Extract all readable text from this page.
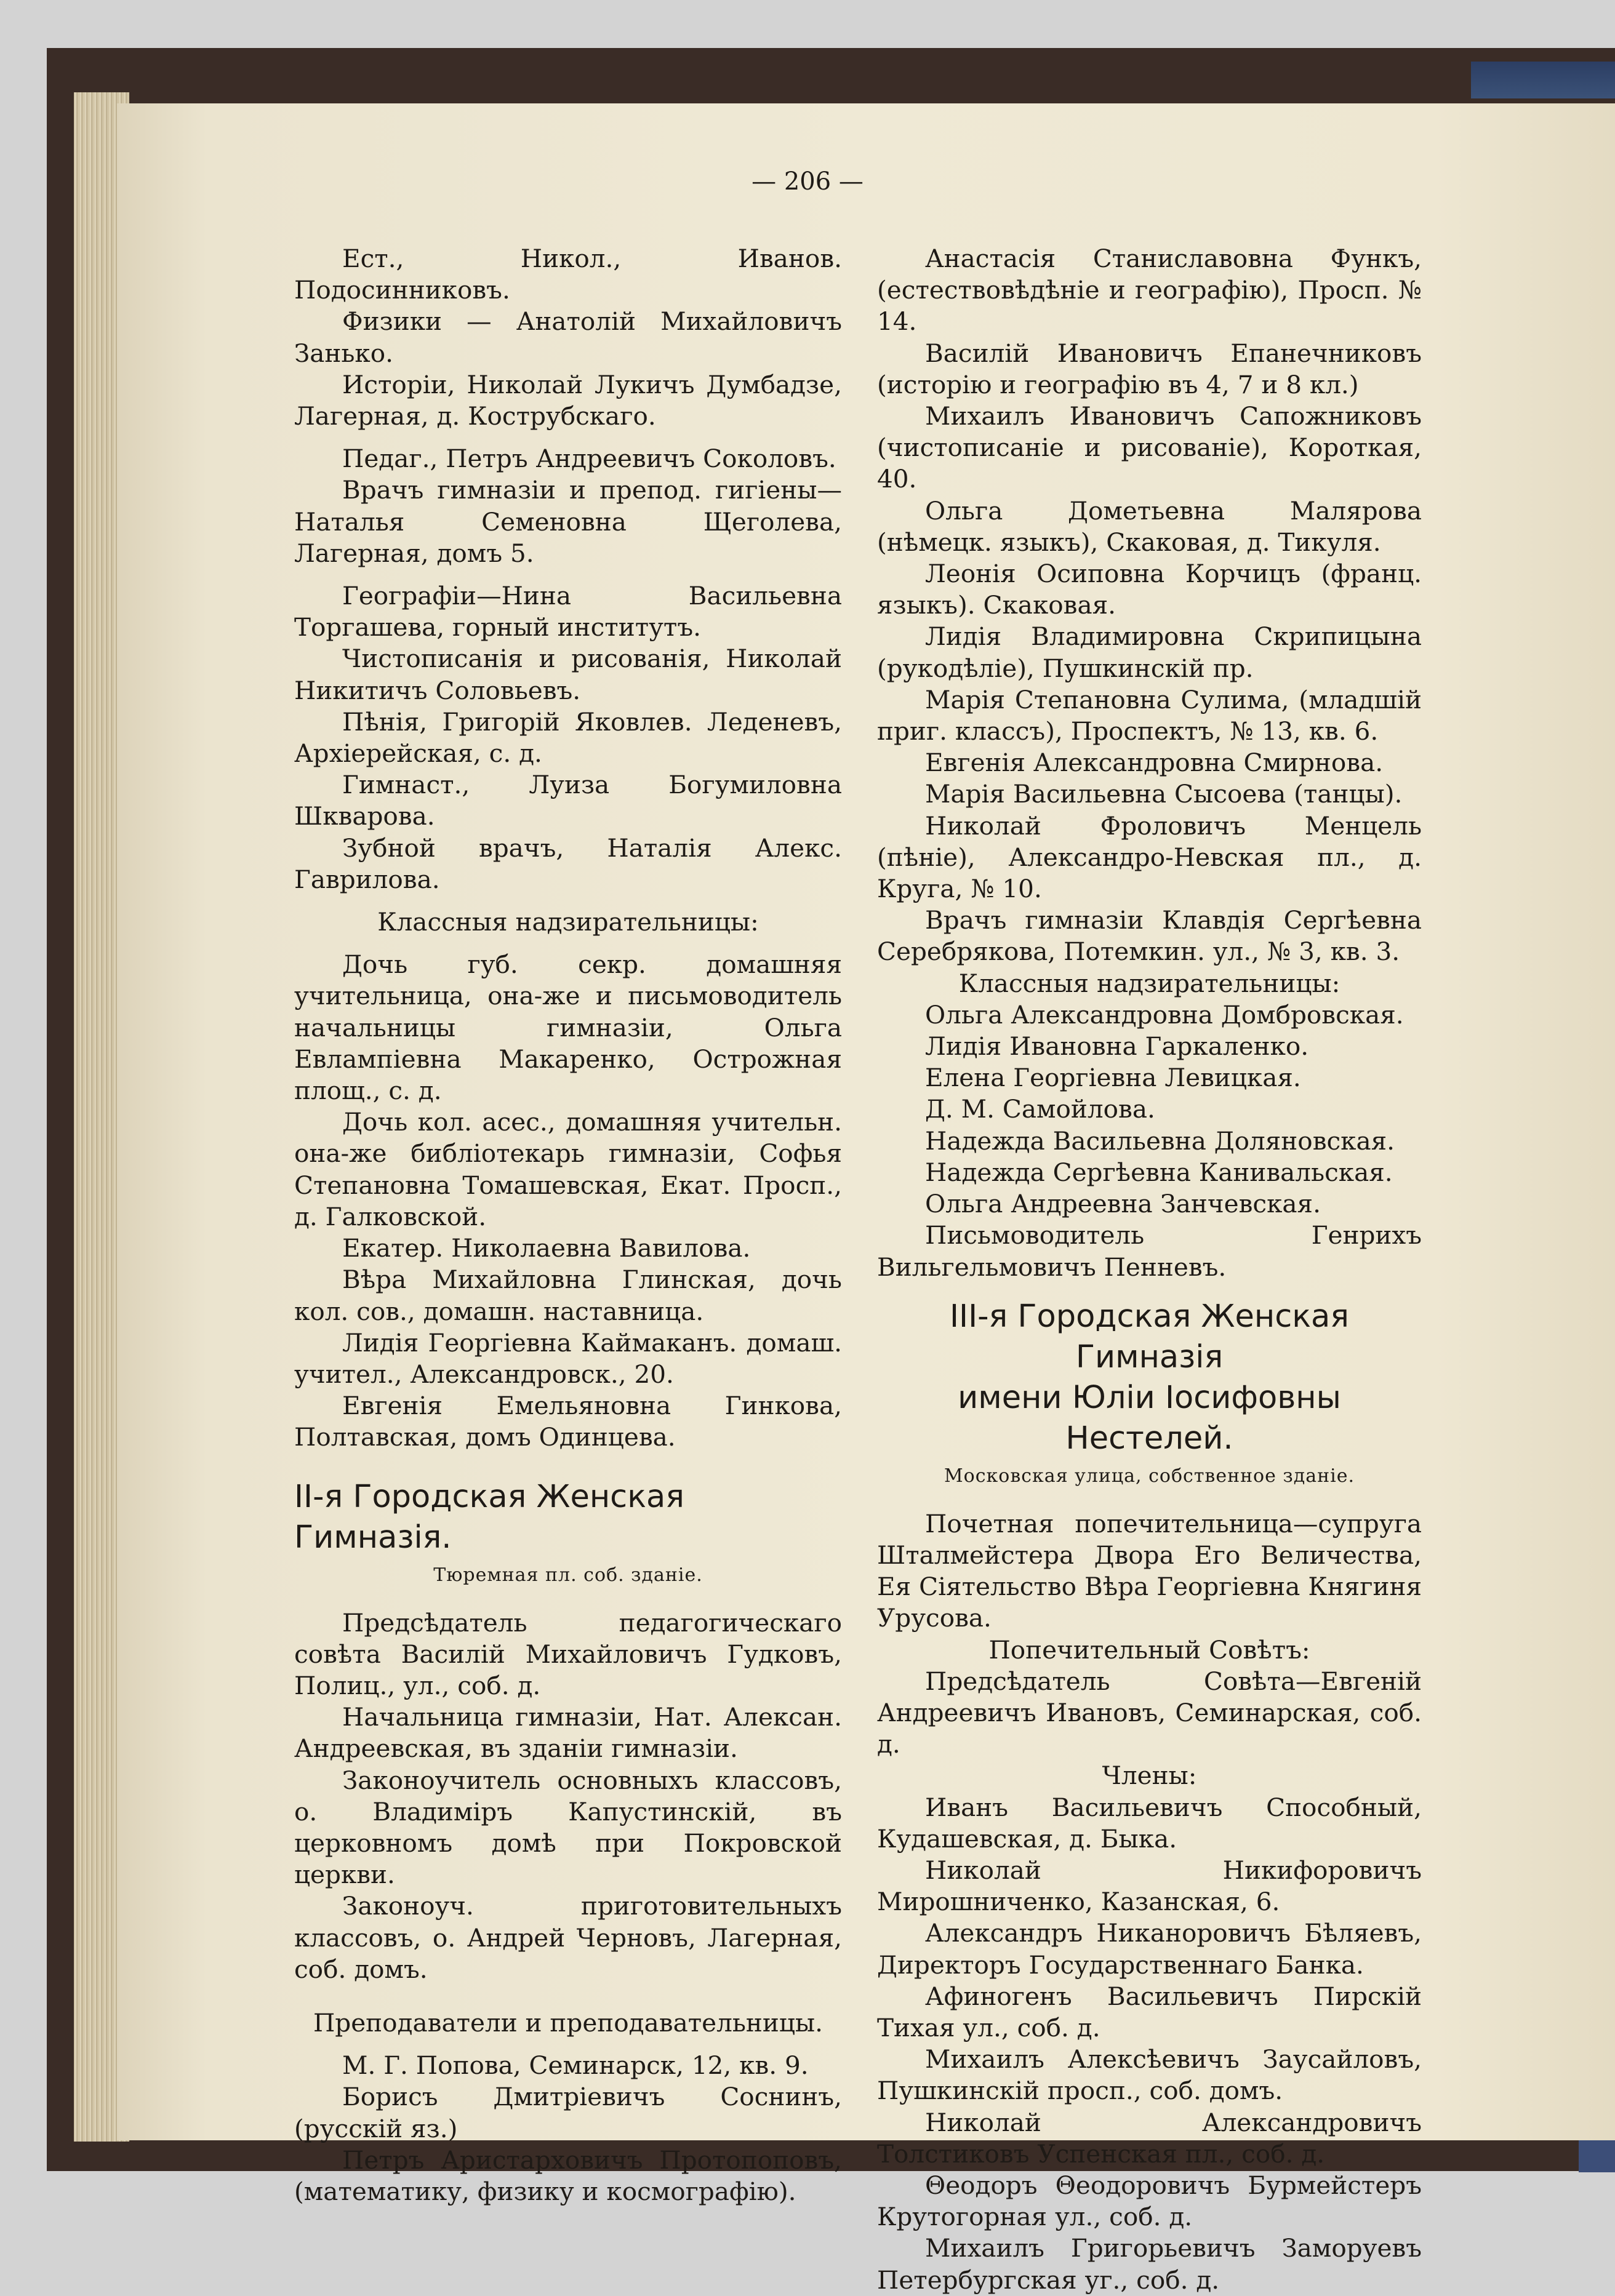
— 206 —

Ест., Никол., Иванов. Подосинниковъ.

Физики — Анатолій Михайловичъ Занько.

Исторіи, Николай Лукичъ Думбадзе, Лагерная, д. Кострубскаго.

Педаг., Петръ Андреевичъ Соколовъ.

Врачъ гимназіи и препод. гигіены—Наталья Семеновна Щеголева, Лагерная, домъ 5.

Географіи—Нина Васильевна Торгашева, горный институтъ.

Чистописанія и рисованія, Николай Никитичъ Соловьевъ.

Пѣнія, Григорій Яковлев. Леденевъ, Архіерейская, с. д.

Гимнаст., Луиза Богумиловна Шкварова.

Зубной врачъ, Наталія Алекс. Гаврилова.

Классныя надзирательницы:

Дочь губ. секр. домашняя учительница, она-же и письмоводитель начальницы гимназіи, Ольга Евлампіевна Макаренко, Острожная площ., с. д.

Дочь кол. асес., домашняя учительн. она-же библіотекарь гимназіи, Софья Степановна Томашевская, Екат. Просп., д. Галковской.

Екатер. Николаевна Вавилова.

Вѣра Михайловна Глинская, дочь кол. сов., домашн. наставница.

Лидія Георгіевна Каймаканъ. домаш. учител., Александровск., 20.

Евгенія Емельяновна Гинкова, Полтавская, домъ Одинцева.

II-я Городская Женская Гимназія.

Тюремная пл. соб. зданіе.

Предсѣдатель педагогическаго совѣта Василій Михайловичъ Гудковъ, Полиц., ул., соб. д.

Начальница гимназіи, Нат. Алексан. Андреевская, въ зданіи гимназіи.

Законоучитель основныхъ классовъ, о. Владиміръ Капустинскій, въ церковномъ домѣ при Покровской церкви.

Законоуч. приготовительныхъ классовъ, о. Андрей Черновъ, Лагерная, соб. домъ.

Преподаватели и преподавательницы.

М. Г. Попова, Семинарск, 12, кв. 9.

Борисъ Дмитріевичъ Соснинъ, (русскій яз.)

Петръ Аристарховичъ Протопоповъ, (математику, физику и космографію).

Анастасія Станиславовна Функъ, (естествовѣдѣніе и географію), Просп. № 14.

Василій Ивановичъ Епанечниковъ (исторію и географію въ 4, 7 и 8 кл.)

Михаилъ Ивановичъ Сапожниковъ (чистописаніе и рисованіе), Короткая, 40.

Ольга Дометьевна Малярова (нѣмецк. языкъ), Скаковая, д. Тикуля.

Леонія Осиповна Корчицъ (франц. языкъ). Скаковая.

Лидія Владимировна Скрипицына (рукодѣліе), Пушкинскій пр.

Марія Степановна Сулима, (младшій приг. классъ), Проспектъ, № 13, кв. 6.

Евгенія Александровна Смирнова.

Марія Васильевна Сысоева (танцы).

Николай Фроловичъ Менцель (пѣніе), Александро-Невская пл., д. Круга, № 10.

Врачъ гимназіи Клавдія Сергѣевна Серебрякова, Потемкин. ул., № 3, кв. 3.

Классныя надзирательницы:

Ольга Александровна Домбровская.

Лидія Ивановна Гаркаленко.

Елена Георгіевна Левицкая.

Д. М. Самойлова.

Надежда Васильевна Доляновская.

Надежда Сергѣевна Канивальская.

Ольга Андреевна Занчевская.

Письмоводитель Генрихъ Вильгельмовичъ Пенневъ.

III-я Городская Женская Гимназія

имени Юліи Іосифовны Нестелей.

Московская улица, собственное зданіе.

Почетная попечительница—супруга Шталмейстера Двора Его Величества, Ея Сіятельство Вѣра Георгіевна Княгиня Урусова.

Попечительный Совѣтъ:

Предсѣдатель Совѣта—Евгеній Андреевичъ Ивановъ, Семинарская, соб. д.

Члены:

Иванъ Васильевичъ Способный, Кудашевская, д. Быка.

Николай Никифоровичъ Мирошниченко, Казанская, 6.

Александръ Никаноровичъ Бѣляевъ, Директоръ Государственнаго Банка.

Афиногенъ Васильевичъ Пирскій Тихая ул., соб. д.

Михаилъ Алексѣевичъ Заусайловъ, Пушкинскій просп., соб. домъ.

Николай Александровичъ Толстиковъ Успенская пл., соб. д.

Θеодоръ Θеодоровичъ Бурмейстеръ Крутогорная ул., соб. д.

Михаилъ Григорьевичъ Заморуевъ Петербургская уг., соб. д.
